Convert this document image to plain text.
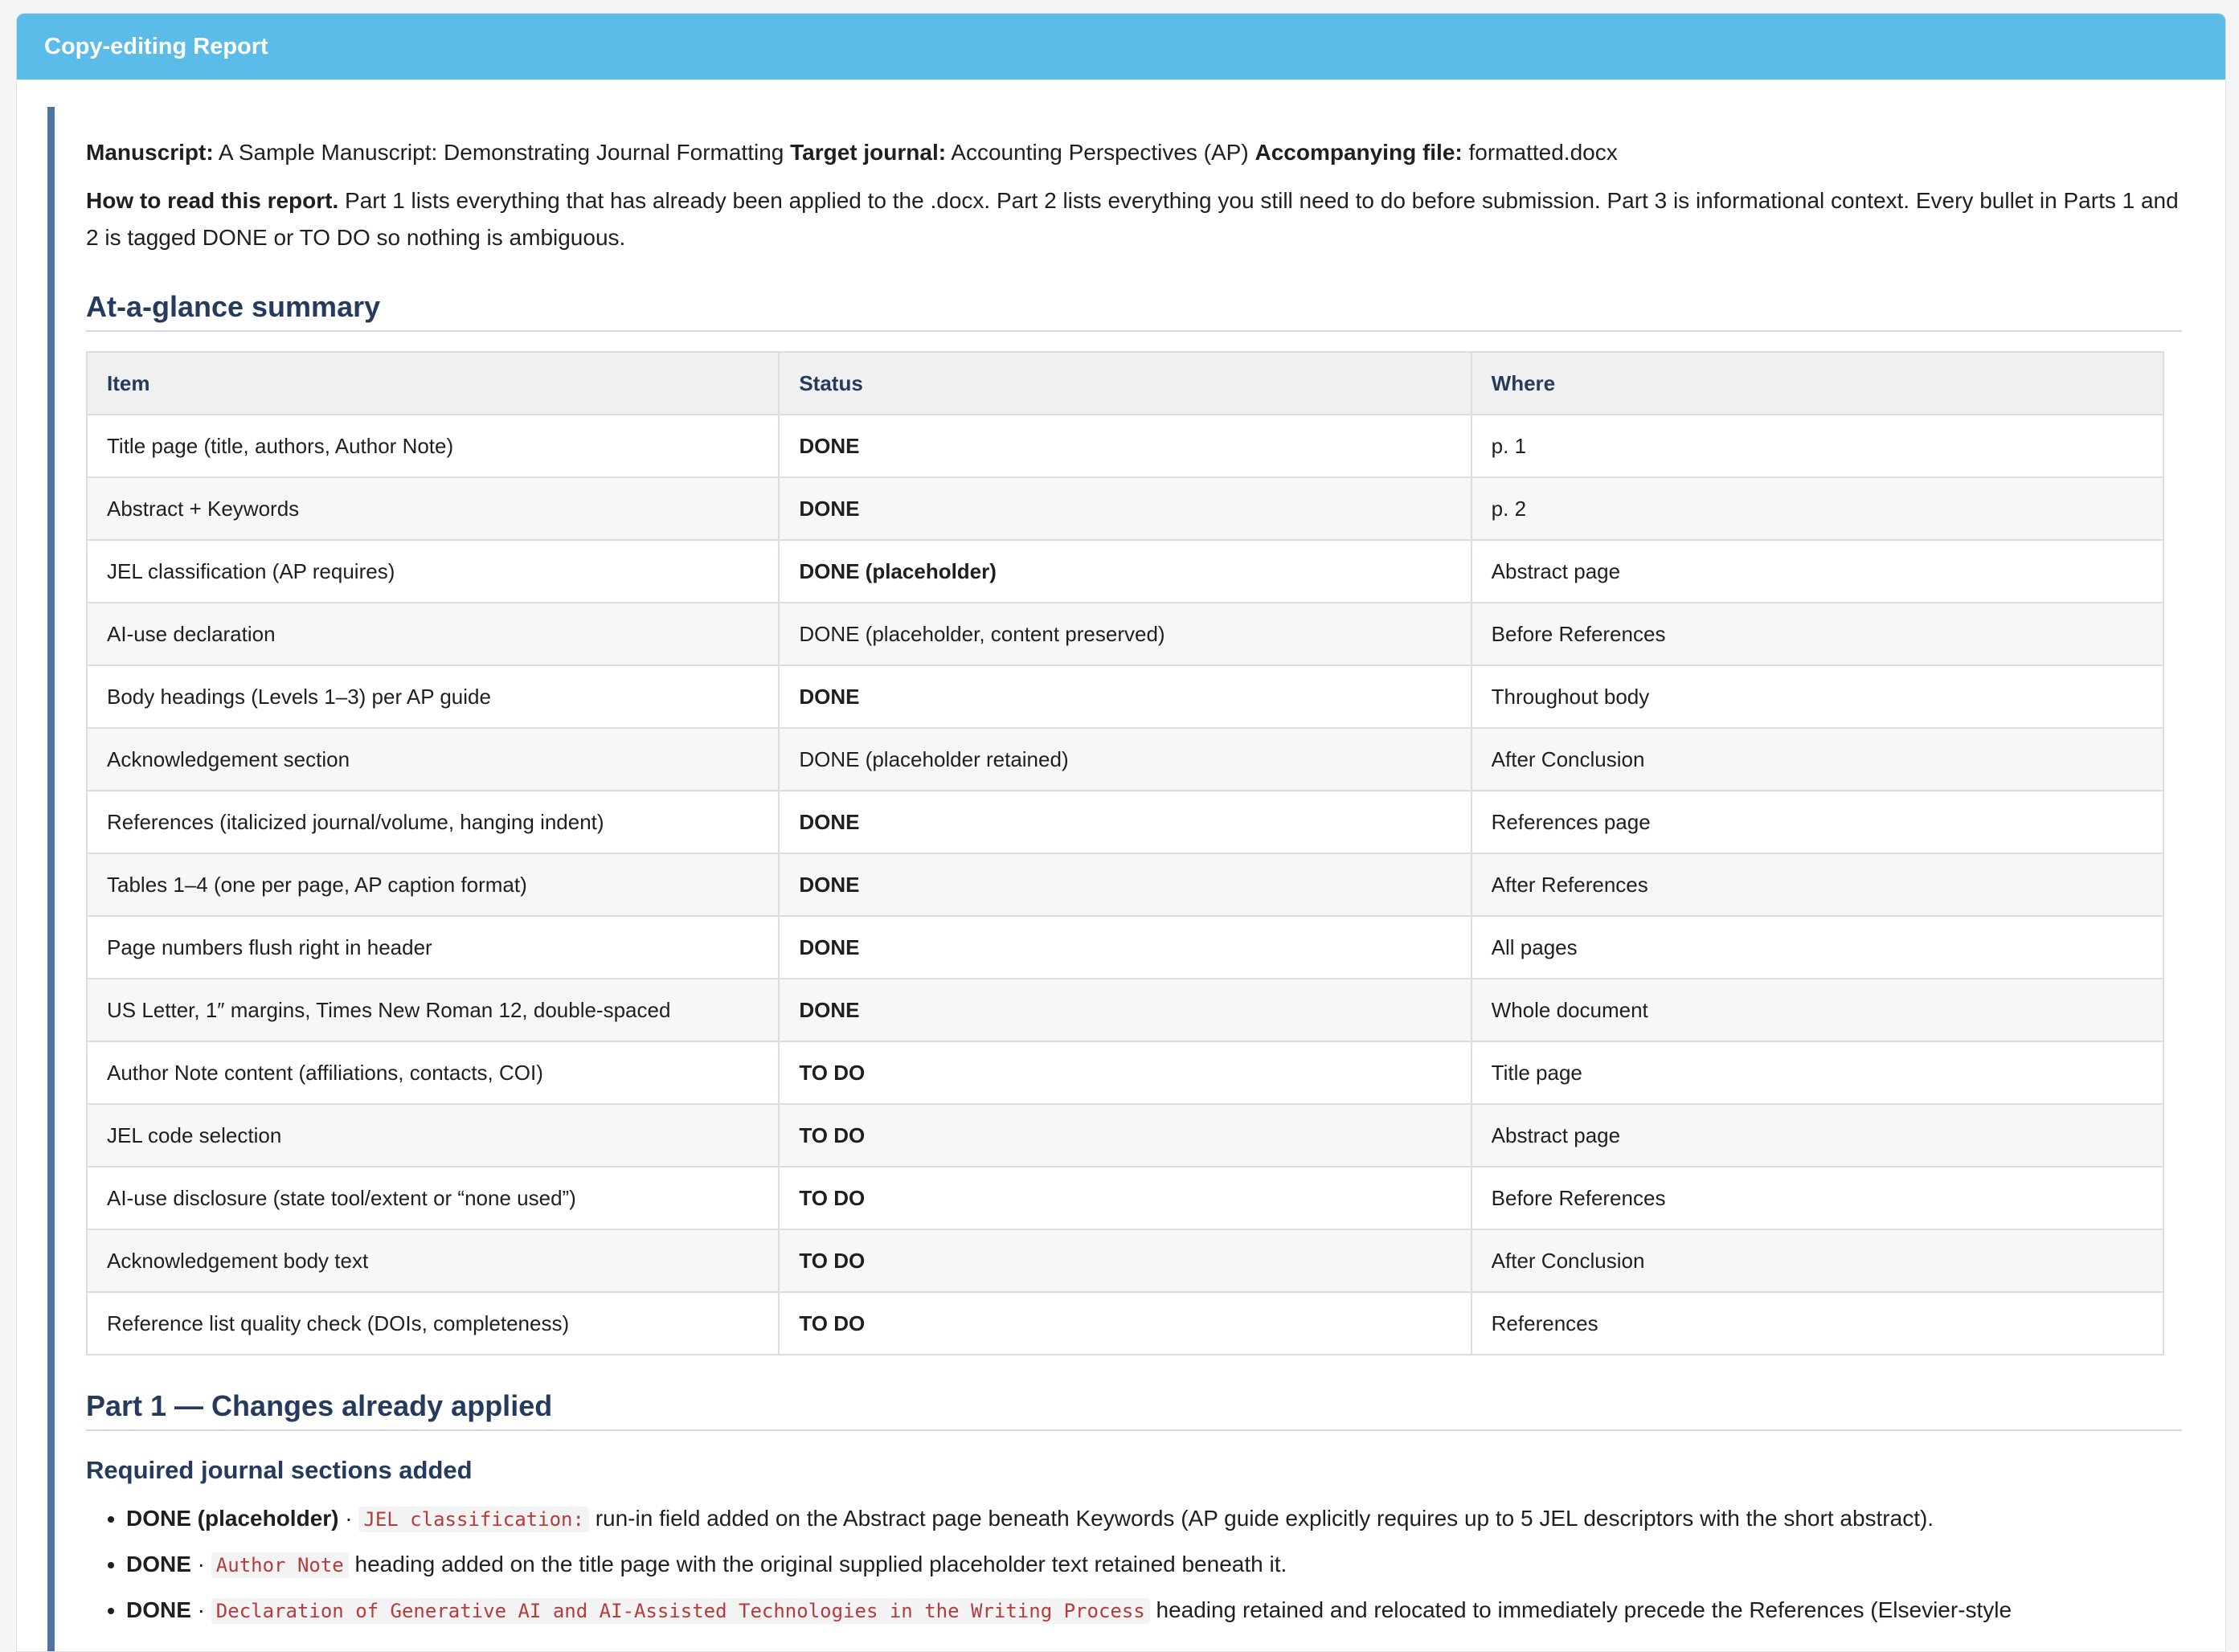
Copy-editing Report

Manuscript: A Sample Manuscript: Demonstrating Journal Formatting Target journal: Accounting Perspectives (AP) Accompanying file: formatted.docx

How to read this report. Part 1 lists everything that has already been applied to the .docx. Part 2 lists everything you still need to do before submission. Part 3 is informational context. Every bullet in Parts 1 and 2 is tagged DONE or TO DO so nothing is ambiguous.

At-a-glance summary
Item	Status	Where
Title page (title, authors, Author Note)	DONE	p. 1
Abstract + Keywords	DONE	p. 2
JEL classification (AP requires)	DONE (placeholder)	Abstract page
AI-use declaration	DONE (placeholder, content preserved)	Before References
Body headings (Levels 1–3) per AP guide	DONE	Throughout body
Acknowledgement section	DONE (placeholder retained)	After Conclusion
References (italicized journal/volume, hanging indent)	DONE	References page
Tables 1–4 (one per page, AP caption format)	DONE	After References
Page numbers flush right in header	DONE	All pages
US Letter, 1″ margins, Times New Roman 12, double-spaced	DONE	Whole document
Author Note content (affiliations, contacts, COI)	TO DO	Title page
JEL code selection	TO DO	Abstract page
AI-use disclosure (state tool/extent or “none used”)	TO DO	Before References
Acknowledgement body text	TO DO	After Conclusion
Reference list quality check (DOIs, completeness)	TO DO	References
Part 1 — Changes already applied
Required journal sections added
• DONE (placeholder) · JEL classification: run-in field added on the Abstract page beneath Keywords (AP guide explicitly requires up to 5 JEL descriptors with the short abstract).
• DONE · Author Note heading added on the title page with the original supplied placeholder text retained beneath it.
• DONE · Declaration of Generative AI and AI-Assisted Technologies in the Writing Process heading retained and relocated to immediately precede the References (Elsevier-style
